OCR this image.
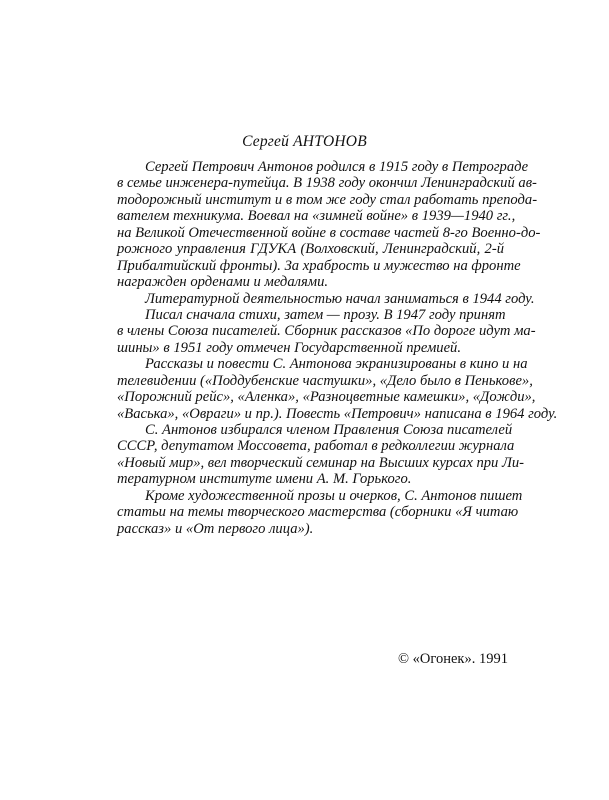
Сергей АНТОНОВ
Сергей Петрович Антонов родился в 1915 году в Петрограде
в семье инженера-путейца. В 1938 году окончил Ленинградский ав-
тодорожный институт и в том же году стал работать препода-
вателем техникума. Воевал на «зимней войне» в 1939—1940 гг.,
на Великой Отечественной войне в составе частей 8-го Военно-до-
рожного управления ГДУКА (Волховский, Ленинградский, 2-й
Прибалтийский фронты). За храбрость и мужество на фронте
награжден орденами и медалями.
Литературной деятельностью начал заниматься в 1944 году.
Писал сначала стихи, затем — прозу. В 1947 году принят
в члены Союза писателей. Сборник рассказов «По дороге идут ма-
шины» в 1951 году отмечен Государственной премией.
Рассказы и повести С. Антонова экранизированы в кино и на
телевидении («Поддубенские частушки», «Дело было в Пенькове»,
«Порожний рейс», «Аленка», «Разноцветные камешки», «Дожди»,
«Васька», «Овраги» и пр.). Повесть «Петрович» написана в 1964 году.
С. Антонов избирался членом Правления Союза писателей
СССР, депутатом Моссовета, работал в редколлегии журнала
«Новый мир», вел творческий семинар на Высших курсах при Ли-
тературном институте имени А. М. Горького.
Кроме художественной прозы и очерков, С. Антонов пишет
статьи на темы творческого мастерства (сборники «Я читаю
рассказ» и «От первого лица»).
© «Огонек». 1991
